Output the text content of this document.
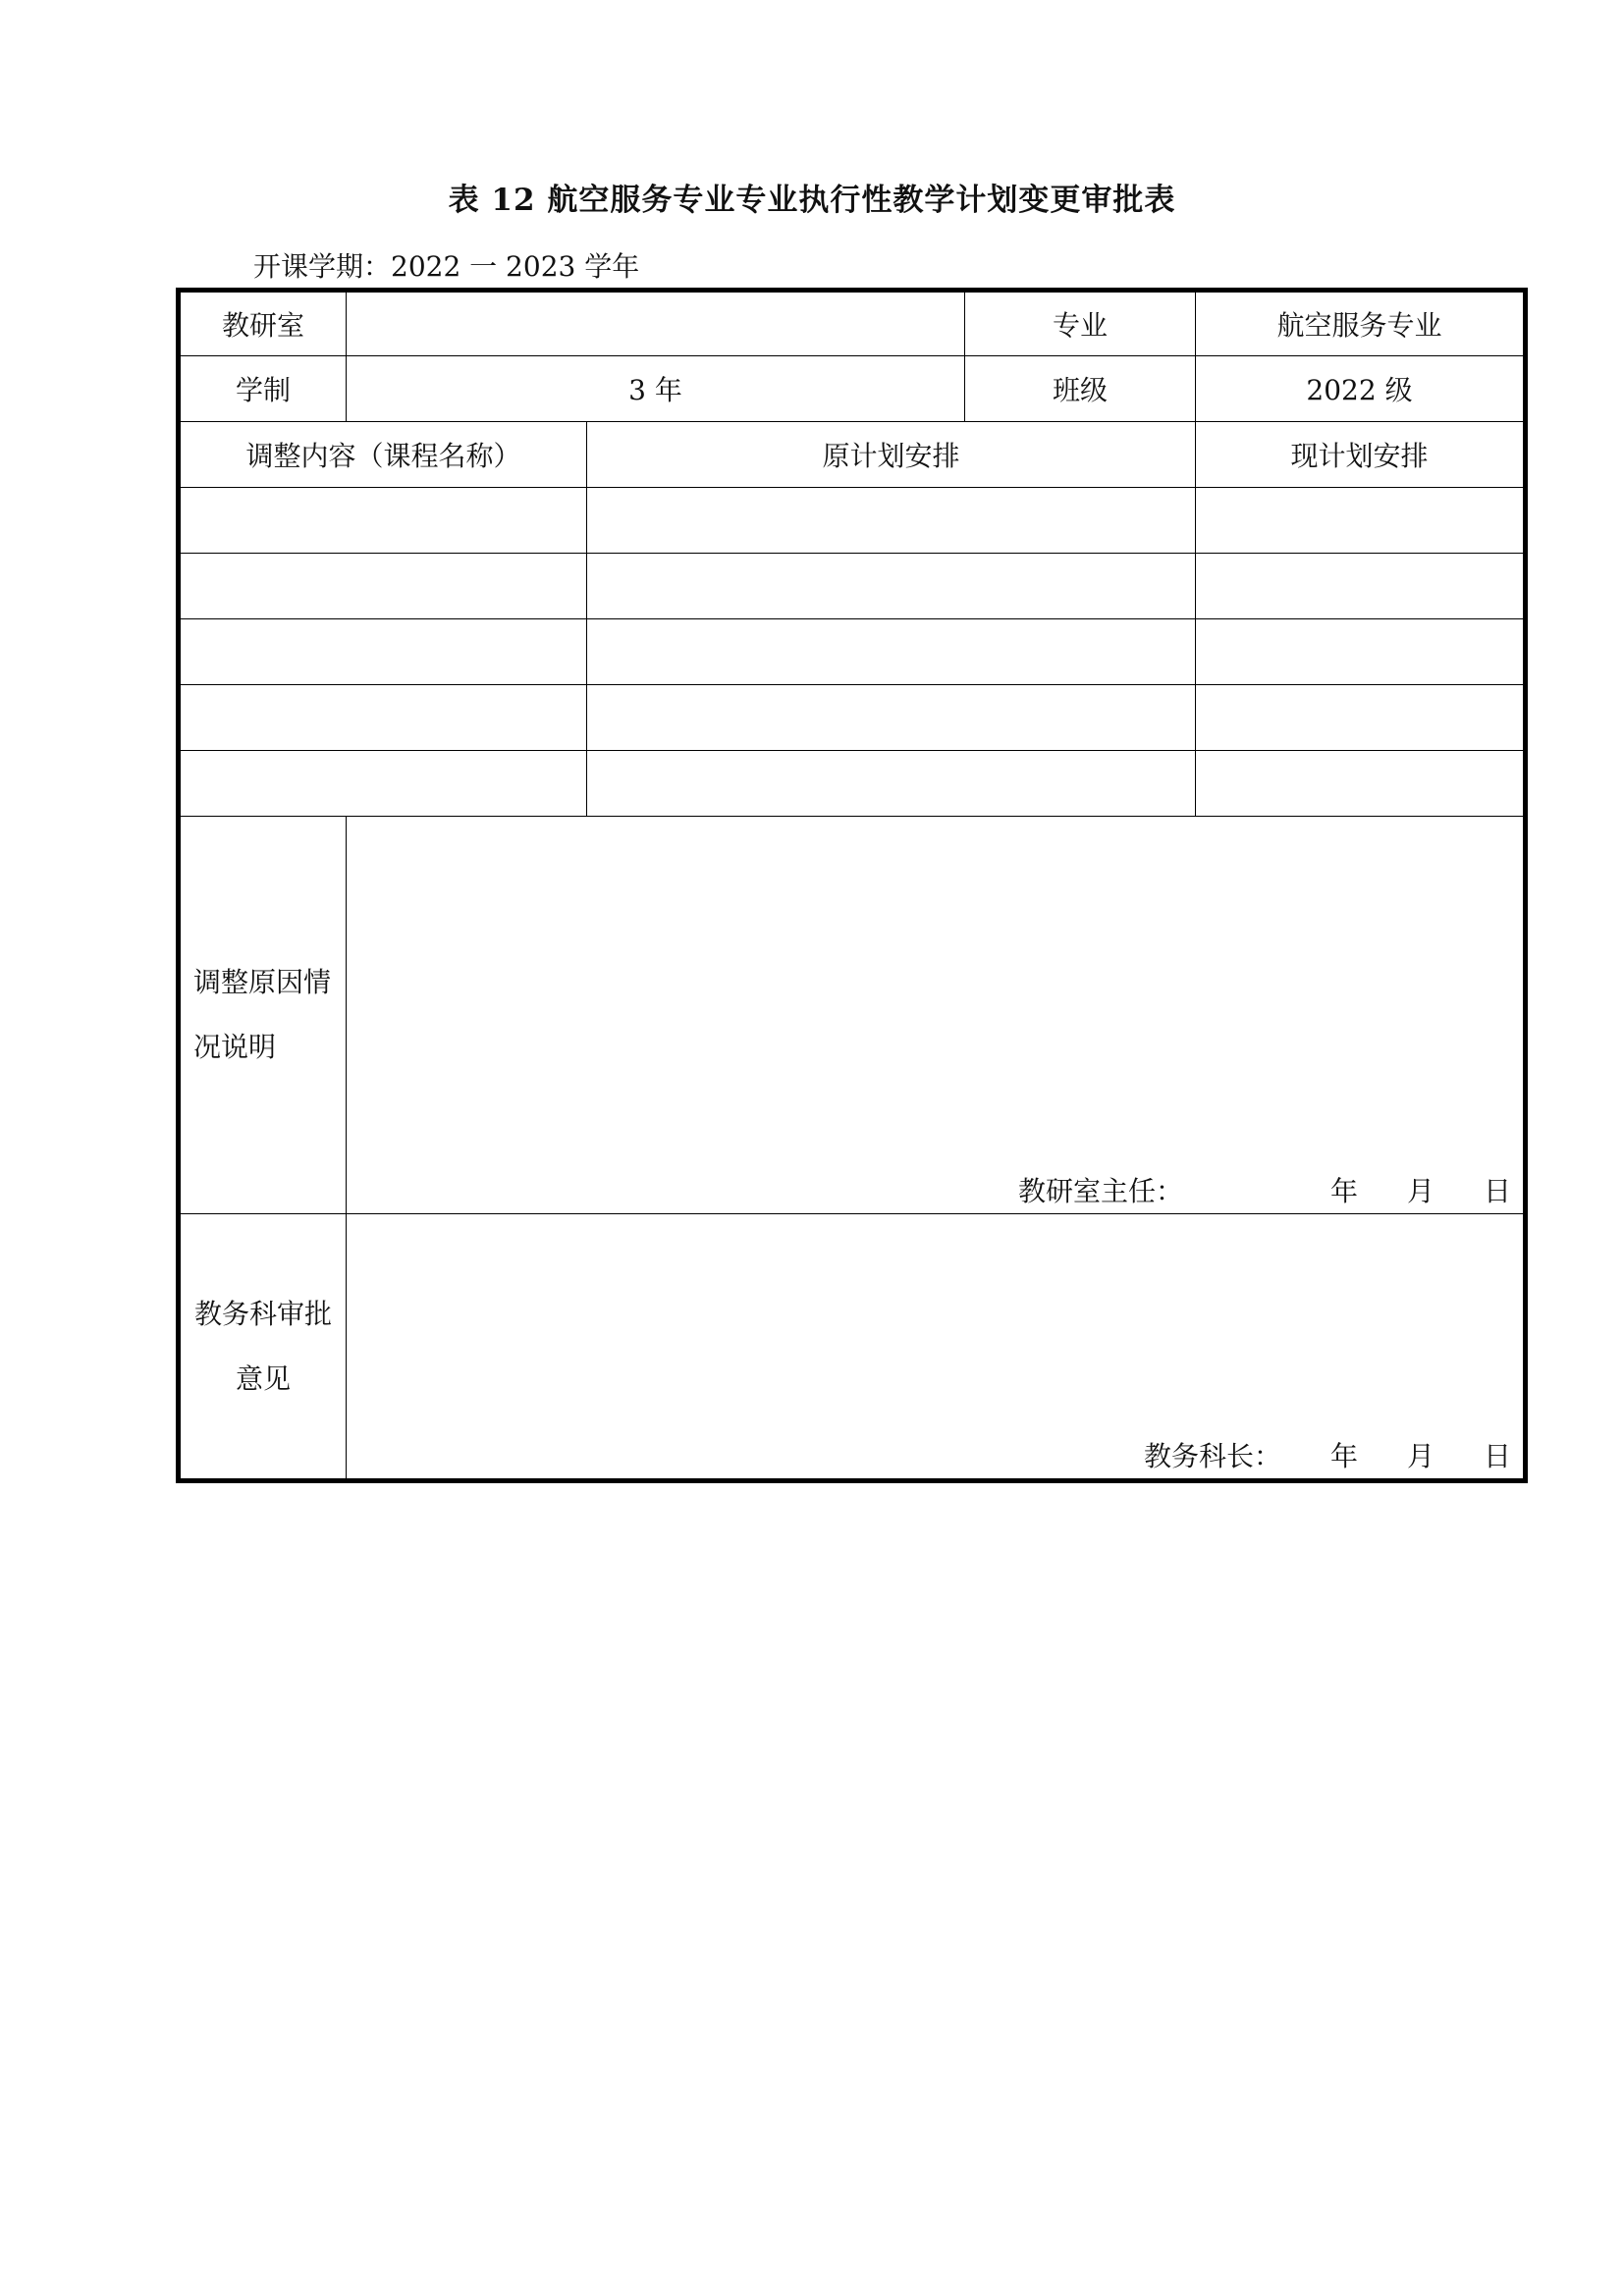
表 12 航空服务专业专业执行性教学计划变更审批表
开课学期：2022 一 2023 学年
教研室			专业	航空服务专业
学制	3 年		班级	2022 级
调整内容（课程名称）		原计划安排		现计划安排

调整原因情
况说明	教研室主任： 年 月 日			

教务科审批
意见	教务科长： 年 月 日			
